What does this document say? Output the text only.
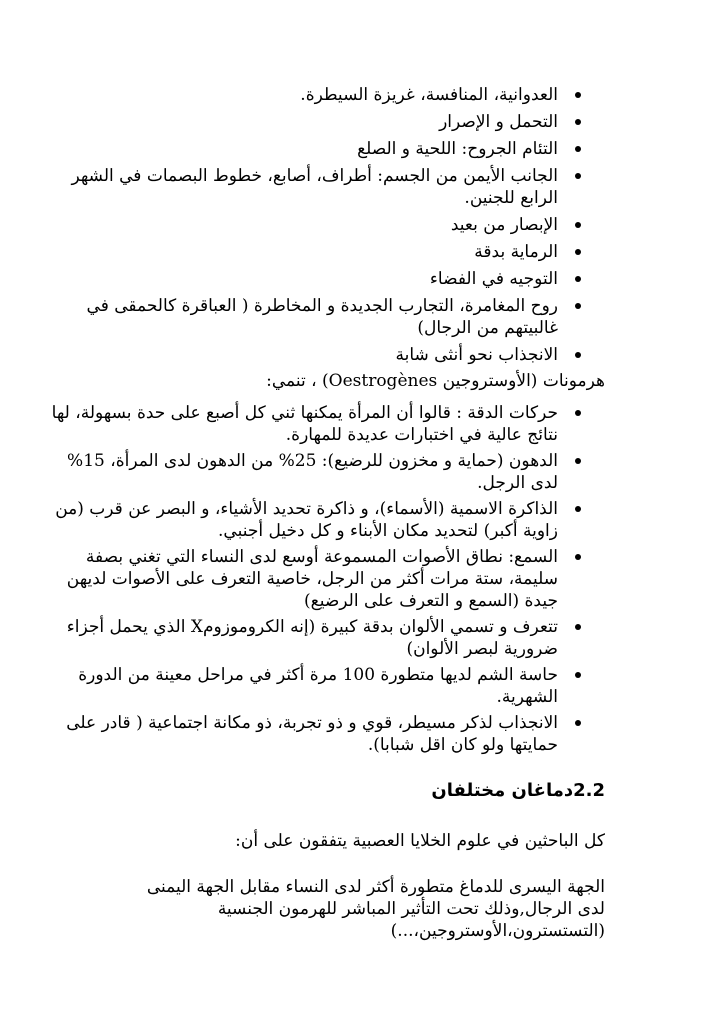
العدوانية، المنافسة، غريزة السيطرة.
التحمل و الإصرار
التئام الجروح: اللحية و الصلع
الجانب الأيمن من الجسم: أطراف، أصابع، خطوط البصمات في الشهر الرابع للجنين.
الإبصار من بعيد
الرماية بدقة
التوجيه في الفضاء
روح المغامرة، التجارب الجديدة و المخاطرة ( العباقرة كالحمقى في غالبيتهم من الرجال)
الانجذاب نحو أنثى شابة
هرمونات (الأوستروجين Oestrogènes) ، تنمي:
حركات الدقة : قالوا أن المرأة يمكنها ثني كل أصبع على حدة بسهولة، لها نتائج عالية في اختبارات عديدة للمهارة.
الدهون (حماية و مخزون للرضيع): 25% من الدهون لدى المرأة، 15% لدى الرجل.
الذاكرة الاسمية (الأسماء)، و ذاكرة تحديد الأشياء، و البصر عن قرب (من زاوية أكبر) لتحديد مكان الأبناء و كل دخيل أجنبي.
السمع: نطاق الأصوات المسموعة أوسع لدى النساء التي تغني بصفة سليمة، ستة مرات أكثر من الرجل، خاصية التعرف على الأصوات لديهن جيدة (السمع و التعرف على الرضيع)
تتعرف و تسمي الألوان بدقة كبيرة (إنه الكروموزومX الذي يحمل أجزاء ضرورية لبصر الألوان)
حاسة الشم لديها متطورة 100 مرة أكثر في مراحل معينة من الدورة الشهرية.
الانجذاب لذكر مسيطر، قوي و ذو تجربة، ذو مكانة اجتماعية ( قادر على حمايتها ولو كان اقل شبابا).
2.2دماغان مختلفان
كل الباحثين في علوم الخلايا العصبية يتفقون على أن:
الجهة اليسرى للدماغ متطورة أكثر لدى النساء مقابل الجهة اليمنى لدى الرجال,وذلك تحت التأثير المباشر للهرمون الجنسية (التستسترون،الأوستروجين،...)
